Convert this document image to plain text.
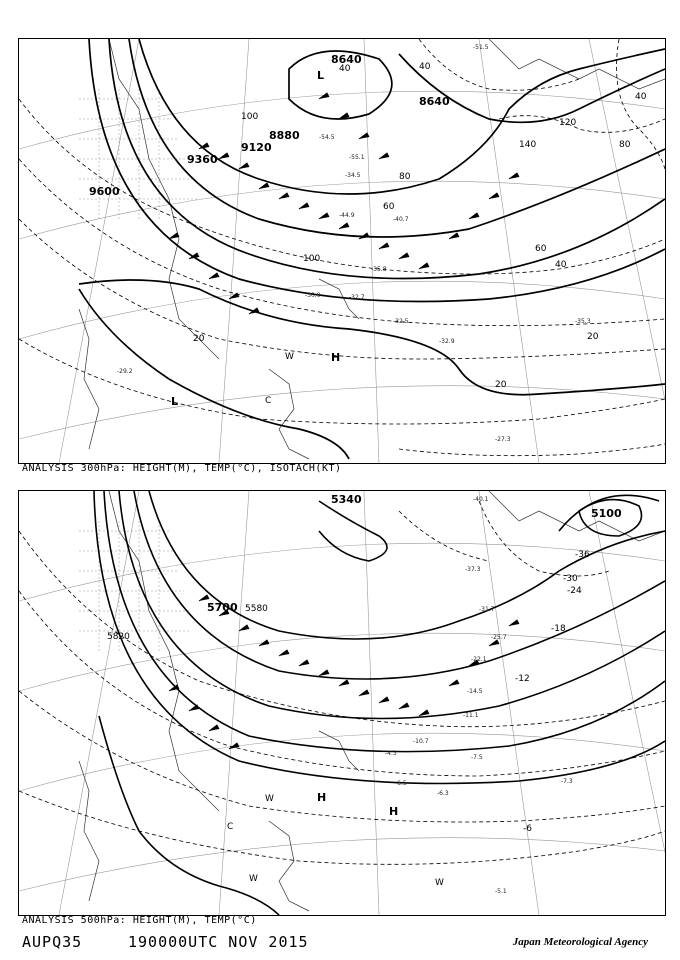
8640
8640
8880
9120
9360
9600
40	40
60
80
100
120
140
80
60
40
20
20
20
100
40
L
L	C
W	H
-51.5
-54.5
-55.1
-34.5
-44.9
-40.7
-35.8
-32.5	-35.3
-27.3
-30.9	-32.7
-32.9
-29.2
ANALYSIS 300hPa: HEIGHT(M), TEMP(°C), ISOTACH(KT)
5100
5340
5580
5700
5820
-36
-30
-24
-18
-12
-6
W	H
H
C
W	W
-40.1
-37.3
-31.7
-25.7
-22.1
-14.5
-11.1
-7.5
-7.3
-6.5
-6.3
-5.1
-4.3
-10.7
ANALYSIS 500hPa: HEIGHT(M), TEMP(°C)
AUPQ35	190000UTC NOV 2015	Japan Meteorological Agency
